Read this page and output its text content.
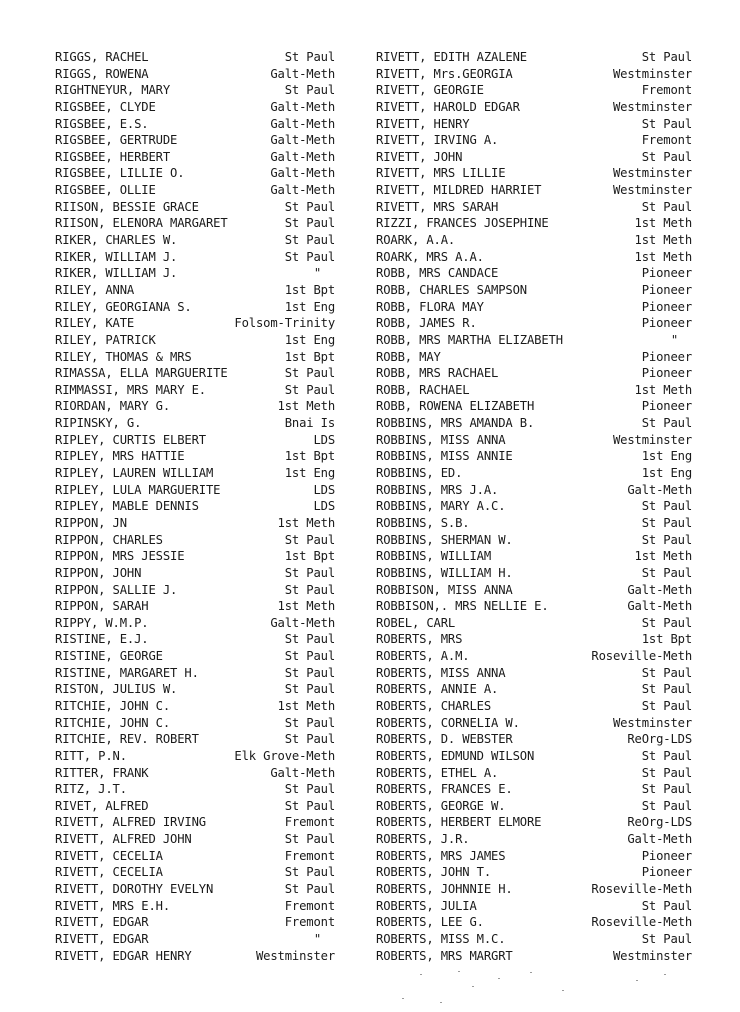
RIGGS, RACHEL	St Paul
RIGGS, ROWENA	Galt-Meth
RIGHTNEYUR, MARY	St Paul
RIGSBEE, CLYDE	Galt-Meth
RIGSBEE, E.S.	Galt-Meth
RIGSBEE, GERTRUDE	Galt-Meth
RIGSBEE, HERBERT	Galt-Meth
RIGSBEE, LILLIE O.	Galt-Meth
RIGSBEE, OLLIE	Galt-Meth
RIISON, BESSIE GRACE	St Paul
RIISON, ELENORA MARGARET	St Paul
RIKER, CHARLES W.	St Paul
RIKER, WILLIAM J.	St Paul
RIKER, WILLIAM J.	"
RILEY, ANNA	1st Bpt
RILEY, GEORGIANA S.	1st Eng
RILEY, KATE	Folsom-Trinity
RILEY, PATRICK	1st Eng
RILEY, THOMAS & MRS	1st Bpt
RIMASSA, ELLA MARGUERITE	St Paul
RIMMASSI, MRS MARY E.	St Paul
RIORDAN, MARY G.	1st Meth
RIPINSKY, G.	Bnai Is
RIPLEY, CURTIS ELBERT	LDS
RIPLEY, MRS HATTIE	1st Bpt
RIPLEY, LAUREN WILLIAM	1st Eng
RIPLEY, LULA MARGUERITE	LDS
RIPLEY, MABLE DENNIS	LDS
RIPPON, JN	1st Meth
RIPPON, CHARLES	St Paul
RIPPON, MRS JESSIE	1st Bpt
RIPPON, JOHN	St Paul
RIPPON, SALLIE J.	St Paul
RIPPON, SARAH	1st Meth
RIPPY, W.M.P.	Galt-Meth
RISTINE, E.J.	St Paul
RISTINE, GEORGE	St Paul
RISTINE, MARGARET H.	St Paul
RISTON, JULIUS W.	St Paul
RITCHIE, JOHN C.	1st Meth
RITCHIE, JOHN C.	St Paul
RITCHIE, REV. ROBERT	St Paul
RITT, P.N.	Elk Grove-Meth
RITTER, FRANK	Galt-Meth
RITZ, J.T.	St Paul
RIVET, ALFRED	St Paul
RIVETT, ALFRED IRVING	Fremont
RIVETT, ALFRED JOHN	St Paul
RIVETT, CECELIA	Fremont
RIVETT, CECELIA	St Paul
RIVETT, DOROTHY EVELYN	St Paul
RIVETT, MRS E.H.	Fremont
RIVETT, EDGAR	Fremont
RIVETT, EDGAR	"
RIVETT, EDGAR HENRY	Westminster
RIVETT, EDITH AZALENE	St Paul
RIVETT, Mrs.GEORGIA	Westminster
RIVETT, GEORGIE	Fremont
RIVETT, HAROLD EDGAR	Westminster
RIVETT, HENRY	St Paul
RIVETT, IRVING A.	Fremont
RIVETT, JOHN	St Paul
RIVETT, MRS LILLIE	Westminster
RIVETT, MILDRED HARRIET	Westminster
RIVETT, MRS SARAH	St Paul
RIZZI, FRANCES JOSEPHINE	1st Meth
ROARK, A.A.	1st Meth
ROARK, MRS A.A.	1st Meth
ROBB, MRS CANDACE	Pioneer
ROBB, CHARLES SAMPSON	Pioneer
ROBB, FLORA MAY	Pioneer
ROBB, JAMES R.	Pioneer
ROBB, MRS MARTHA ELIZABETH	"
ROBB, MAY	Pioneer
ROBB, MRS RACHAEL	Pioneer
ROBB, RACHAEL	1st Meth
ROBB, ROWENA ELIZABETH	Pioneer
ROBBINS, MRS AMANDA B.	St Paul
ROBBINS, MISS ANNA	Westminster
ROBBINS, MISS ANNIE	1st Eng
ROBBINS, ED.	1st Eng
ROBBINS, MRS J.A.	Galt-Meth
ROBBINS, MARY A.C.	St Paul
ROBBINS, S.B.	St Paul
ROBBINS, SHERMAN W.	St Paul
ROBBINS, WILLIAM	1st Meth
ROBBINS, WILLIAM H.	St Paul
ROBBISON, MISS ANNA	Galt-Meth
ROBBISON,. MRS NELLIE E.	Galt-Meth
ROBEL, CARL	St Paul
ROBERTS, MRS	1st Bpt
ROBERTS, A.M.	Roseville-Meth
ROBERTS, MISS ANNA	St Paul
ROBERTS, ANNIE A.	St Paul
ROBERTS, CHARLES	St Paul
ROBERTS, CORNELIA W.	Westminster
ROBERTS, D. WEBSTER	ReOrg-LDS
ROBERTS, EDMUND WILSON	St Paul
ROBERTS, ETHEL A.	St Paul
ROBERTS, FRANCES E.	St Paul
ROBERTS, GEORGE W.	St Paul
ROBERTS, HERBERT ELMORE	ReOrg-LDS
ROBERTS, J.R.	Galt-Meth
ROBERTS, MRS JAMES	Pioneer
ROBERTS, JOHN T.	Pioneer
ROBERTS, JOHNNIE H.	Roseville-Meth
ROBERTS, JULIA	St Paul
ROBERTS, LEE G.	Roseville-Meth
ROBERTS, MISS M.C.	St Paul
ROBERTS, MRS MARGRT	Westminster
